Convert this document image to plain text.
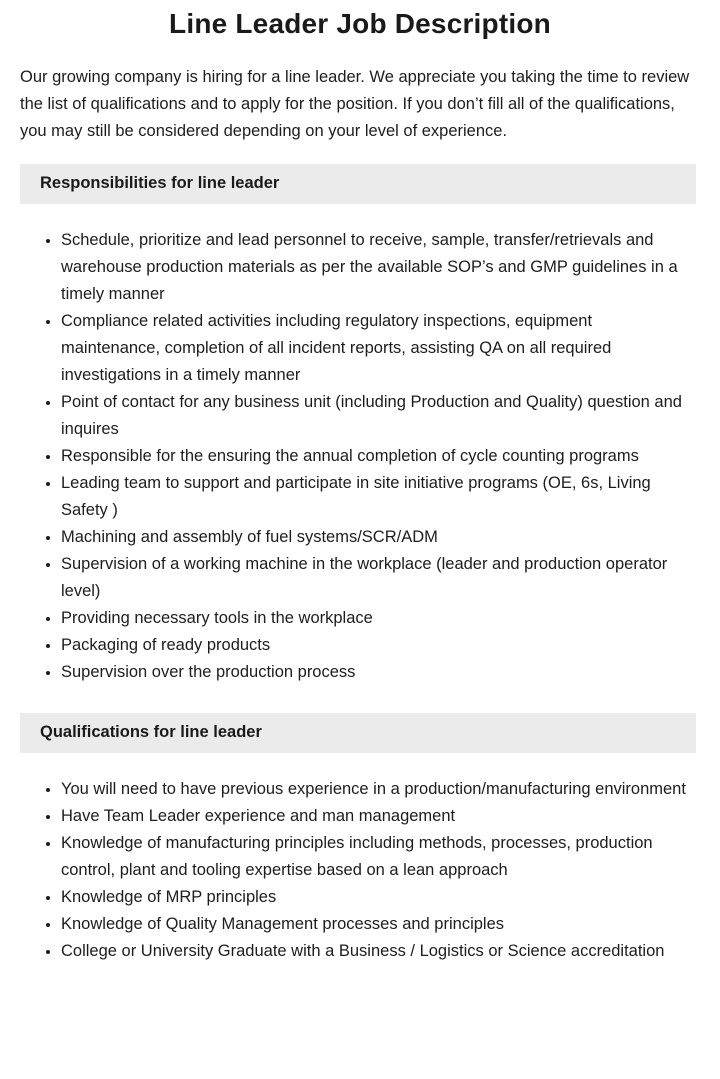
Line Leader Job Description

Our growing company is hiring for a line leader. We appreciate you taking the time to review the list of qualifications and to apply for the position. If you don’t fill all of the qualifications, you may still be considered depending on your level of experience.

Responsibilities for line leader
• Schedule, prioritize and lead personnel to receive, sample, transfer/retrievals and warehouse production materials as per the available SOP’s and GMP guidelines in a timely manner
• Compliance related activities including regulatory inspections, equipment maintenance, completion of all incident reports, assisting QA on all required investigations in a timely manner
• Point of contact for any business unit (including Production and Quality) question and inquires
• Responsible for the ensuring the annual completion of cycle counting programs
• Leading team to support and participate in site initiative programs (OE, 6s, Living Safety )
• Machining and assembly of fuel systems/SCR/ADM
• Supervision of a working machine in the workplace (leader and production operator level)
• Providing necessary tools in the workplace
• Packaging of ready products
• Supervision over the production process
Qualifications for line leader
• You will need to have previous experience in a production/manufacturing environment
• Have Team Leader experience and man management
• Knowledge of manufacturing principles including methods, processes, production control, plant and tooling expertise based on a lean approach
• Knowledge of MRP principles
• Knowledge of Quality Management processes and principles
• College or University Graduate with a Business / Logistics or Science accreditation
